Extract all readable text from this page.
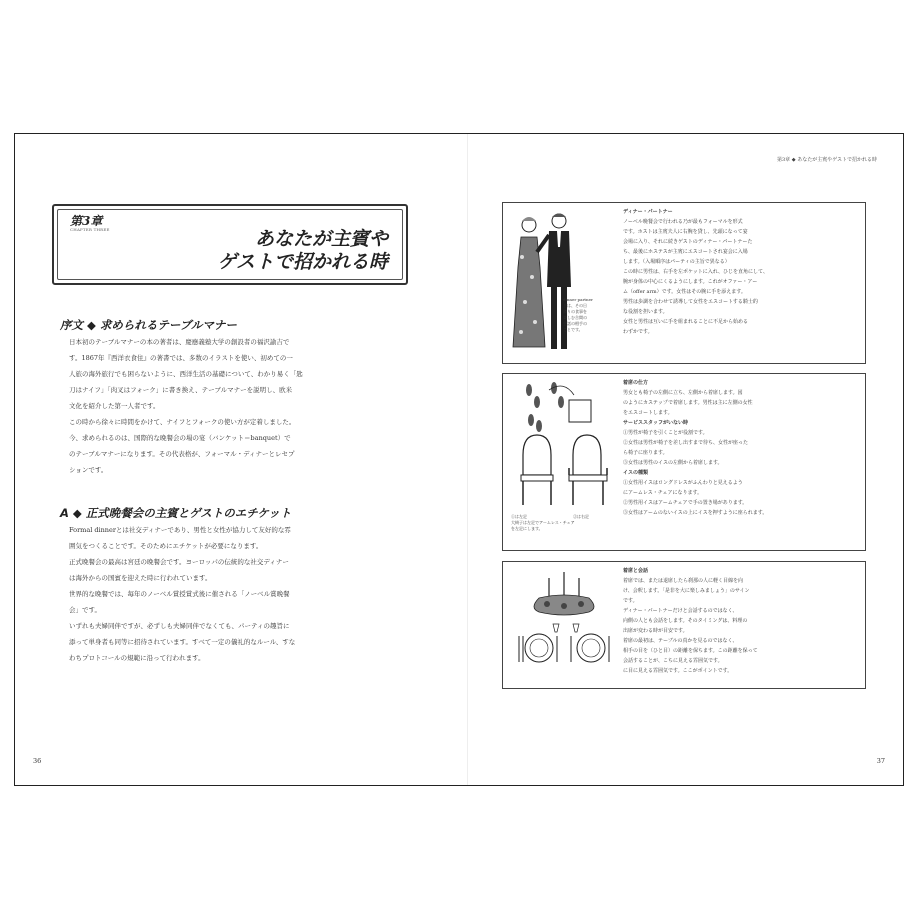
第3章
CHAPTER THREE	あなたが主賓や
ゲストで招かれる時
序文 ◆ 求められるテーブルマナー

日本初のテーブルマナーの本の著者は、慶應義塾大学の創設者の福沢諭吉で

す。1867年『西洋衣食住』の著書では、多数のイラストを使い、初めての一

人旅の海外旅行でも困らないように、西洋生活の基礎について、わかり易く「匙

刀はナイフ」「肉叉はフォーク」に書き換え、テーブルマナーを説明し、欧米

文化を紹介した第一人者です。

この時から徐々に時間をかけて、ナイフとフォークの使い方が定着しました。

今、求められるのは、国際的な晩餐会の場の宴（バンケット＝banquet）で

のテーブルマナーになります。その代表格が、フォーマル・ディナーとレセプ

ションです。

A ◆ 正式晩餐会の主賓とゲストのエチケット

Formal dinnerとは社交ディナーであり、男性と女性が協力して友好的な雰

囲気をつくることです。そのためにエチケットが必要になります。

正式晩餐会の最高は宮廷の晩餐会です。ヨーロッパの伝統的な社交ディナー

は海外からの国賓を迎えた時に行われています。

世界的な晩餐では、毎年のノーベル賞授賞式後に催される「ノーベル賞晩餐

会」です。

いずれも夫婦同伴ですが、必ずしも夫婦同伴でなくても、パーティの趣旨に

添って単身者も同等に招待されています。すべて一定の儀礼的なルール、すな

わちプロトコールの規範に沿って行われます。

36
第3章 ◆ あなたが主賓やゲストで招かれる時

dinner partner

とは、その日

隣りの食事を

楽しむ合間の

会話の相手の

ことです。

ディナー・パートナー

ノーベル晩餐会で行われる乃が最もフォーマルを形式

です。ホストは主賓夫人に右腕を貸し、先頭になって宴

会場に入り、それに続きゲストのディナー・パートナーた

ち、最後にホステスが主賓にエスコートされ宴会に入場

します。（入場順序はパーティの主旨で異なる）

この時に男性は、右手を左ポケットに入れ、ひじを直角にして、

腕が身体の中心にくるようにします。これがオファー・アー

ム（offer arm）です。女性はその腕に手を添えます。

男性は歩調を合わせて誘導して女性をエスコートする騎士的

な役割を担います。

女性と男性は互いに手を組まれることに不足から始める

わずかです。

①は左足

大椅子は左足でアームレス・チェア

を左足にします。

②は右足
着席の仕方

男女とも椅子の左側に立ち、左側から着席します。図

のようにカステップで着席します。男性は主に左側の女性

をエスコートします。

サービススタッフがいない時

①男性が椅子を引くことが役割です。

②女性は男性が椅子を差し出すまで待ち、女性が座った

ら椅子に座ります。

③女性は男性のイスの左側から着席します。

イスの種類

①女性用イスはロングドレスがふんわりと見えるよう

にアームレス・チェアになります。

②男性用イスはアームチェアで手の置き場があります。

③女性はアームのないイスの上にイスを押すように座られます。

着席と会話

着席では、または退席したら刹那の人に軽く目線を向

け、会釈します。「是非を大に楽しみましょう」のサイン

です。

ディナー・パートナーだけと会話するのではなく、

向側の人とも会話をします。そのタイミングは、料理の

出席が変わる時が目安です。

着席の最初は、テーブルの真かを見るのではなく、

相手の目を（ひと目）の距離を保ちます。この距離を保って

会話することが、こちに見える雰囲気です。

に目に見える雰囲気です。ここがポイントです。

37
